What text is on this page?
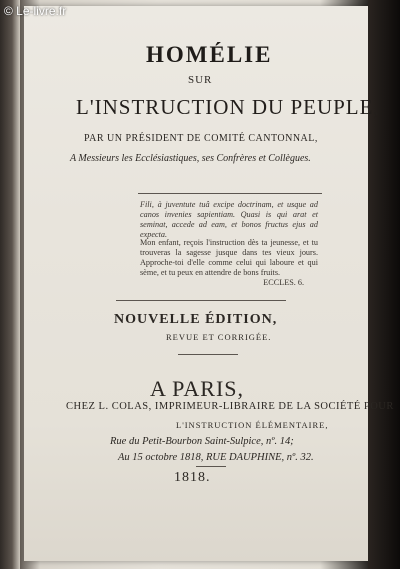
© Le-livre.fr
HOMÉLIE
SUR
L'INSTRUCTION DU PEUPLE,
PAR UN PRÉSIDENT DE COMITÉ CANTONNAL,
A Messieurs les Ecclésiastiques, ses Confrères et Collègues.
Fili, à juventute tuâ excipe doctrinam, et usque ad canos invenies sapientiam. Quasi is qui arat et seminat, accede ad eam, et bonos fructus ejus ad expecta.
Mon enfant, reçois l'instruction dès ta jeunesse, et tu trouveras la sagesse jusque dans tes vieux jours. Approche-toi d'elle comme celui qui laboure et qui sème, et tu peux en attendre de bons fruits.
ECCLES. 6.
NOUVELLE ÉDITION,
REVUE ET CORRIGÉE.
A PARIS,
CHEZ L. COLAS, IMPRIMEUR-LIBRAIRE DE LA SOCIÉTÉ POUR
L'INSTRUCTION ÉLÉMENTAIRE,
Rue du Petit-Bourbon Saint-Sulpice, nº. 14;
Au 15 octobre 1818, RUE DAUPHINE, nº. 32.
1818.
